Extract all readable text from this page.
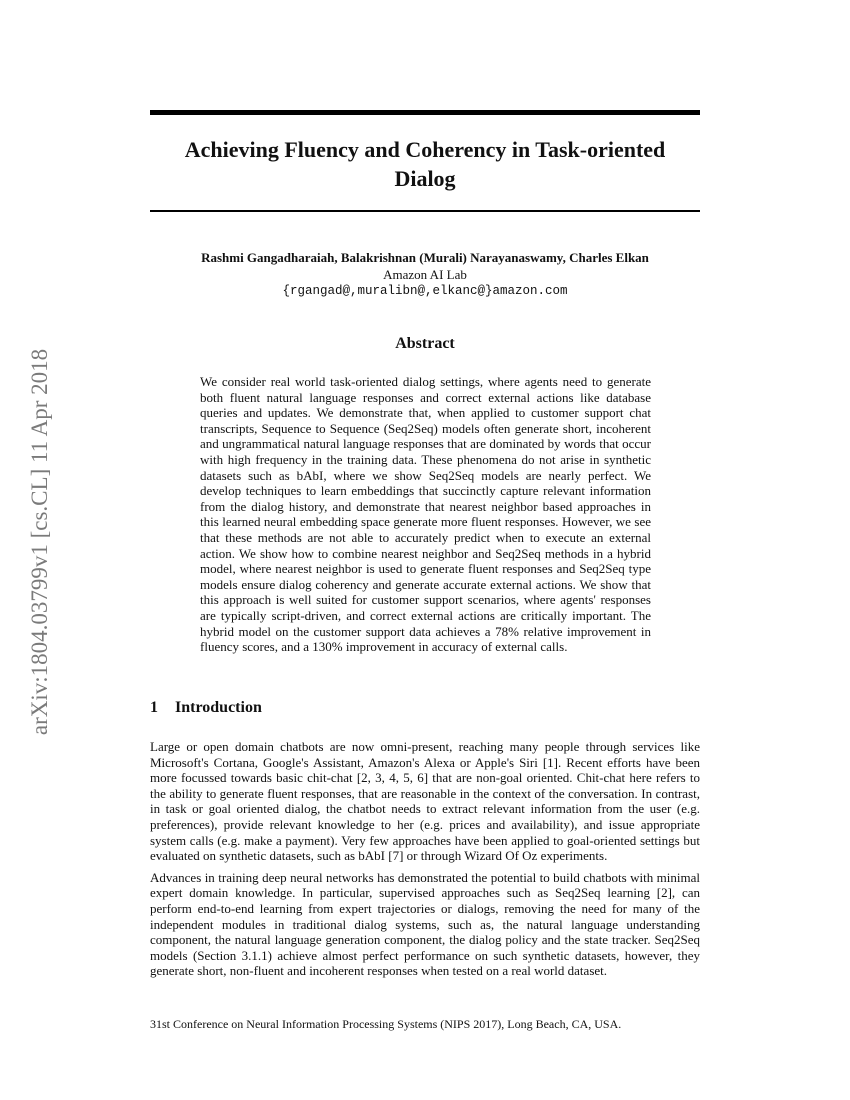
arXiv:1804.03799v1 [cs.CL] 11 Apr 2018
Achieving Fluency and Coherency in Task-oriented
Dialog
Rashmi Gangadharaiah, Balakrishnan (Murali) Narayanaswamy, Charles Elkan
Amazon AI Lab
{rgangad@,muralibn@,elkanc@}amazon.com
Abstract

We consider real world task-oriented dialog settings, where agents need to generate both fluent natural language responses and correct external actions like database queries and updates. We demonstrate that, when applied to customer support chat transcripts, Sequence to Sequence (Seq2Seq) models often generate short, incoherent and ungrammatical natural language responses that are dominated by words that occur with high frequency in the training data. These phenomena do not arise in synthetic datasets such as bAbI, where we show Seq2Seq models are nearly perfect. We develop techniques to learn embeddings that succinctly capture relevant information from the dialog history, and demonstrate that nearest neighbor based approaches in this learned neural embedding space generate more fluent responses. However, we see that these methods are not able to accurately predict when to execute an external action. We show how to combine nearest neighbor and Seq2Seq methods in a hybrid model, where nearest neighbor is used to generate fluent responses and Seq2Seq type models ensure dialog coherency and generate accurate external actions. We show that this approach is well suited for customer support scenarios, where agents' responses are typically script-driven, and correct external actions are critically important. The hybrid model on the customer support data achieves a 78% relative improvement in fluency scores, and a 130% improvement in accuracy of external calls.

1 Introduction

Large or open domain chatbots are now omni-present, reaching many people through services like Microsoft's Cortana, Google's Assistant, Amazon's Alexa or Apple's Siri [1]. Recent efforts have been more focussed towards basic chit-chat [2, 3, 4, 5, 6] that are non-goal oriented. Chit-chat here refers to the ability to generate fluent responses, that are reasonable in the context of the conversation. In contrast, in task or goal oriented dialog, the chatbot needs to extract relevant information from the user (e.g. preferences), provide relevant knowledge to her (e.g. prices and availability), and issue appropriate system calls (e.g. make a payment). Very few approaches have been applied to goal-oriented settings but evaluated on synthetic datasets, such as bAbI [7] or through Wizard Of Oz experiments.

Advances in training deep neural networks has demonstrated the potential to build chatbots with minimal expert domain knowledge. In particular, supervised approaches such as Seq2Seq learning [2], can perform end-to-end learning from expert trajectories or dialogs, removing the need for many of the independent modules in traditional dialog systems, such as, the natural language understanding component, the natural language generation component, the dialog policy and the state tracker. Seq2Seq models (Section 3.1.1) achieve almost perfect performance on such synthetic datasets, however, they generate short, non-fluent and incoherent responses when tested on a real world dataset.

31st Conference on Neural Information Processing Systems (NIPS 2017), Long Beach, CA, USA.
